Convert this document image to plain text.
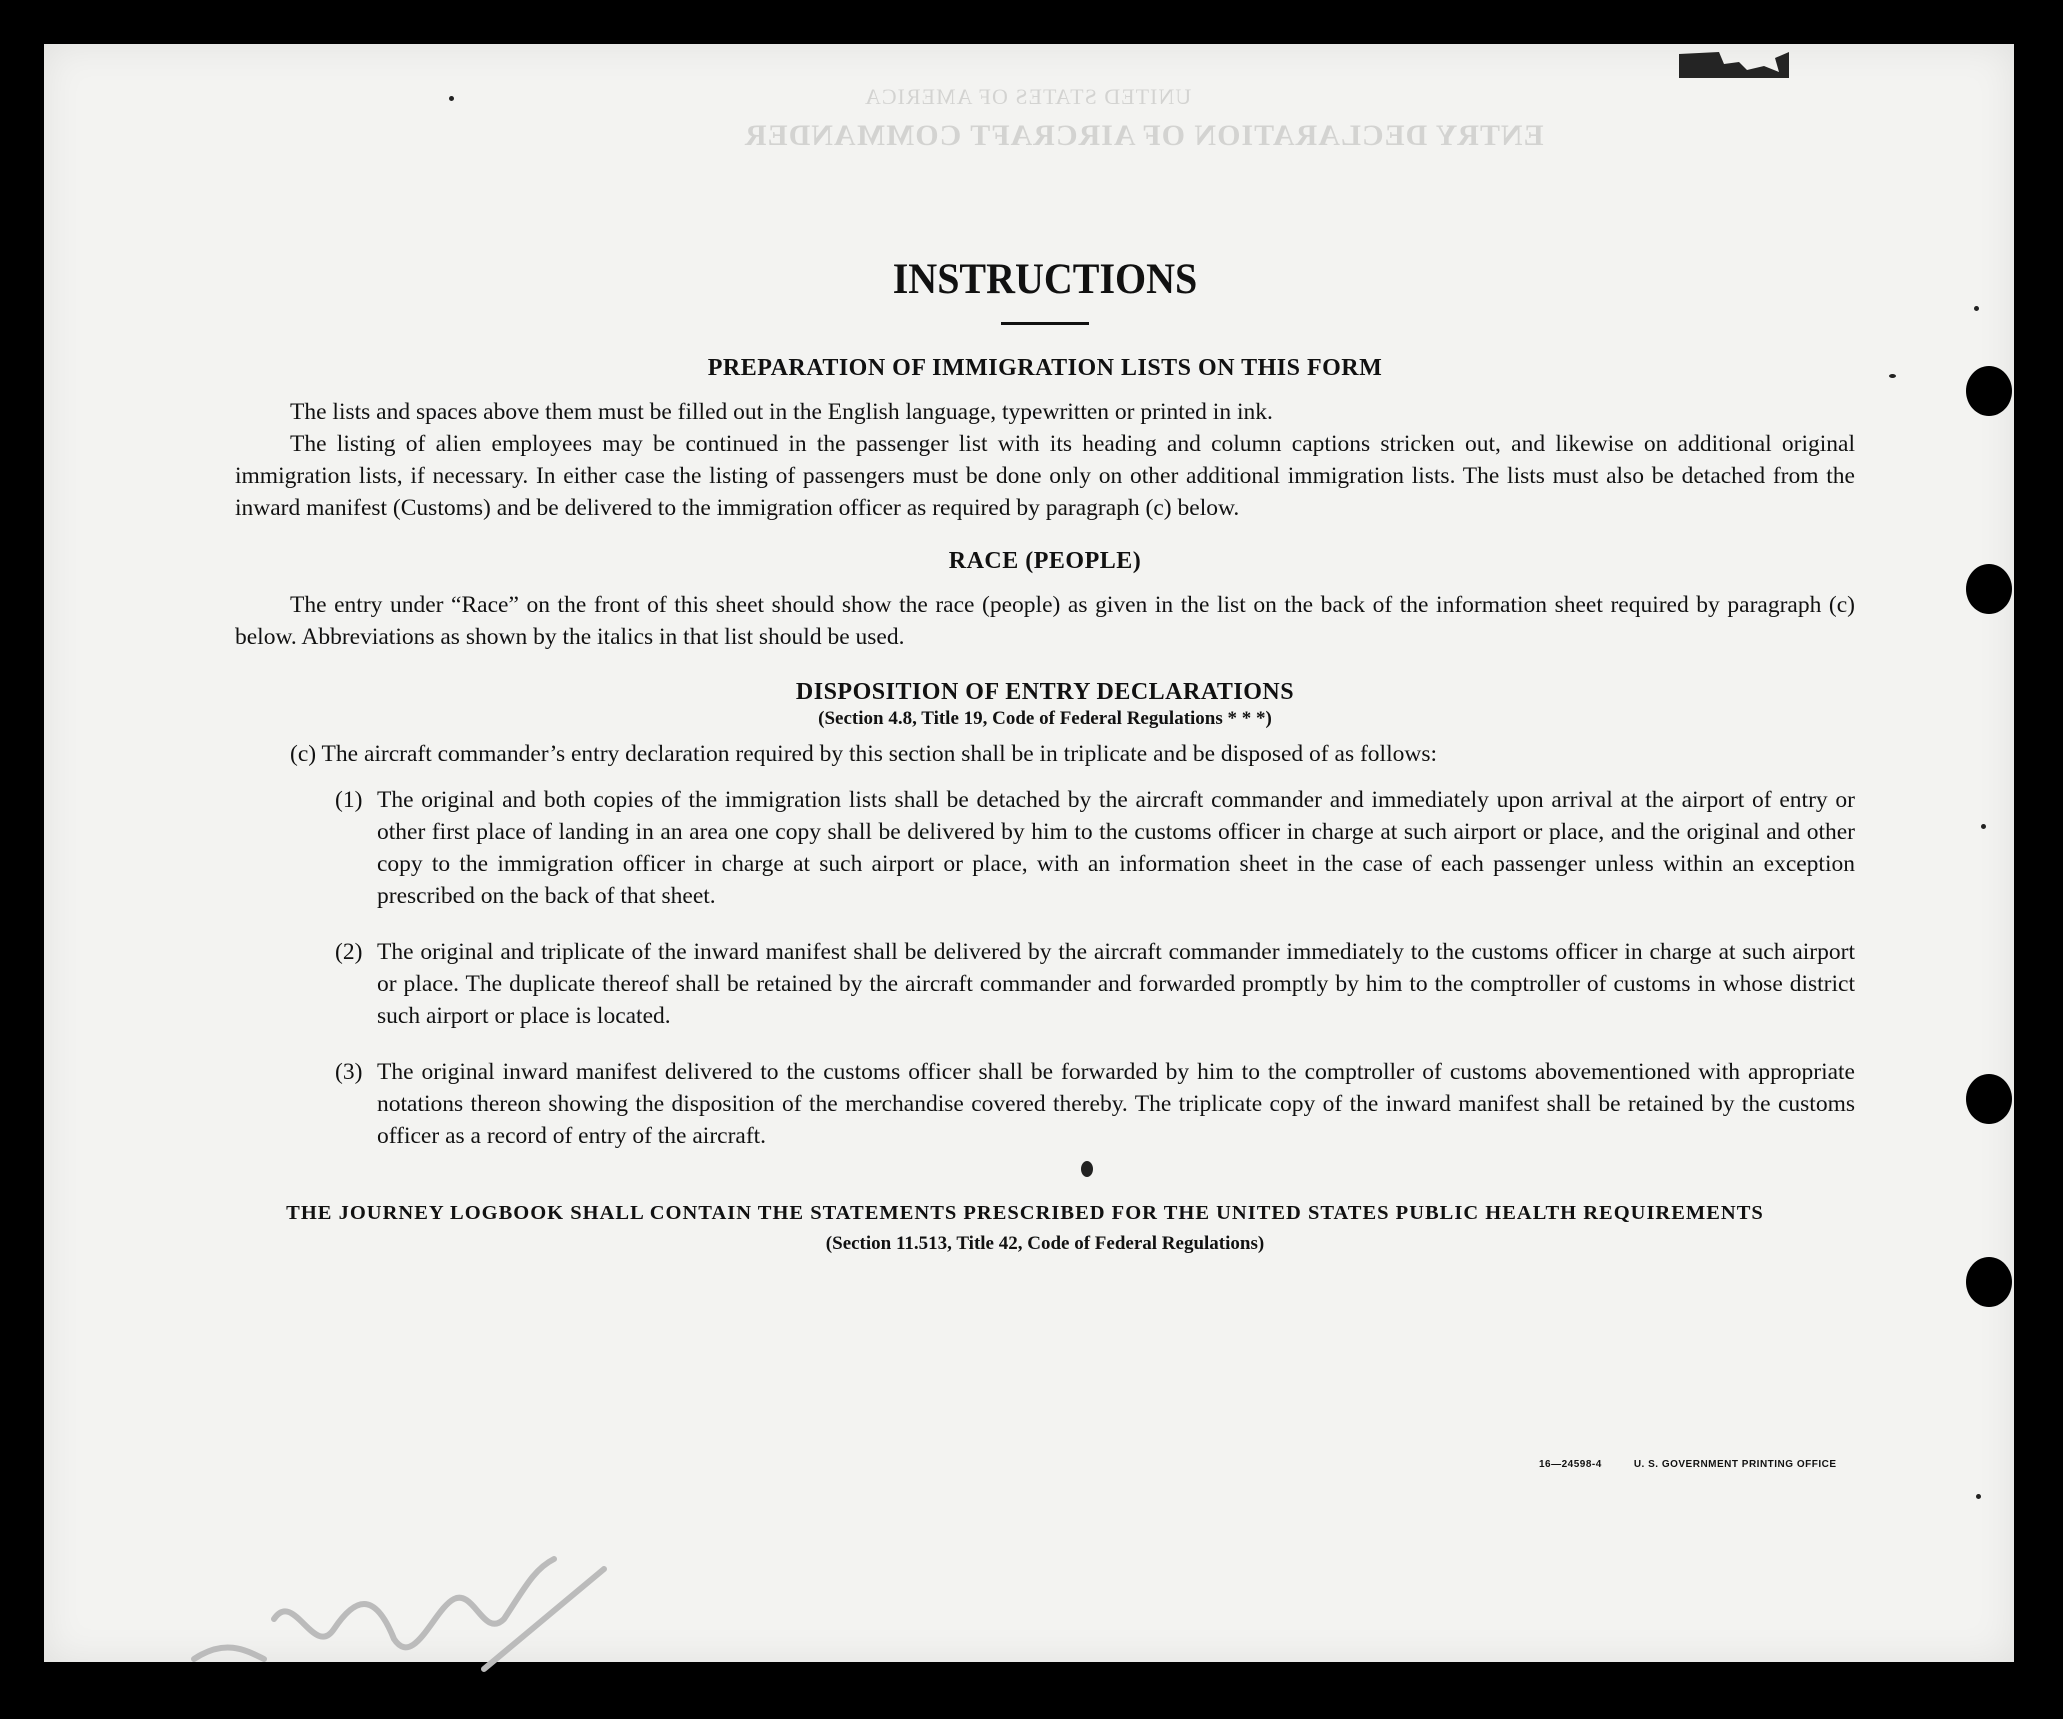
UNITED STATES OF AMERICA
ENTRY DECLARATION OF AIRCRAFT COMMANDER
INSTRUCTIONS
PREPARATION OF IMMIGRATION LISTS ON THIS FORM

The lists and spaces above them must be filled out in the English language, typewritten or printed in ink.

The listing of alien employees may be continued in the passenger list with its heading and column captions stricken out, and likewise on additional original immigration lists, if necessary. In either case the listing of passengers must be done only on other additional immigration lists. The lists must also be detached from the inward manifest (Customs) and be delivered to the immigration officer as required by paragraph (c) below.

RACE (PEOPLE)

The entry under “Race” on the front of this sheet should show the race (people) as given in the list on the back of the information sheet required by paragraph (c) below. Abbreviations as shown by the italics in that list should be used.

DISPOSITION OF ENTRY DECLARATIONS
(Section 4.8, Title 19, Code of Federal Regulations * * *)

(c) The aircraft commander’s entry declaration required by this section shall be in triplicate and be disposed of as follows:

(1) The original and both copies of the immigration lists shall be detached by the aircraft commander and immediately upon arrival at the airport of entry or other first place of landing in an area one copy shall be delivered by him to the customs officer in charge at such airport or place, and the original and other copy to the immigration officer in charge at such airport or place, with an information sheet in the case of each passenger unless within an exception prescribed on the back of that sheet.
(2) The original and triplicate of the inward manifest shall be delivered by the aircraft commander immediately to the customs officer in charge at such airport or place. The duplicate thereof shall be retained by the aircraft commander and forwarded promptly by him to the comptroller of customs in whose district such airport or place is located.
(3) The original inward manifest delivered to the customs officer shall be forwarded by him to the comptroller of customs abovementioned with appropriate notations thereon showing the disposition of the merchandise covered thereby. The triplicate copy of the inward manifest shall be retained by the customs officer as a record of entry of the aircraft.
THE JOURNEY LOGBOOK SHALL CONTAIN THE STATEMENTS PRESCRIBED FOR THE UNITED STATES PUBLIC HEALTH REQUIREMENTS
(Section 11.513, Title 42, Code of Federal Regulations)
16—24598-4	U. S. GOVERNMENT PRINTING OFFICE
